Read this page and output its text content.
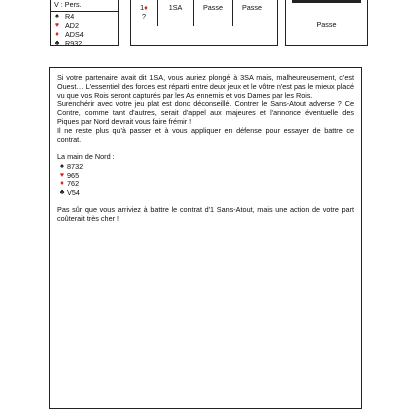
V : Pers.
♠ R4
♥ AD2
♦ ADS4
♣ R932
1♦	1SA	Passe	Passe
?
Passe

Si votre partenaire avait dit 1SA, vous auriez plongé à 3SA mais, malheureusement, c'est Ouest… L'essentiel des forces est réparti entre deux jeux et le vôtre n'est pas le mieux placé vu que vos Rois seront capturés par les As ennemis et vos Dames par les Rois.

Surenchérir avec votre jeu plat est donc déconseillé. Contrer le Sans-Atout adverse ? Ce Contre, comme tant d'autres, serait d'appel aux majeures et l'annonce éventuelle des Piques par Nord devrait vous faire frémir !

Il ne reste plus qu'à passer et à vous appliquer en défense pour essayer de battre ce contrat.

La main de Nord :

♠ 8732
♥ 965
♦ 762
♣ V54

Pas sûr que vous arriviez à battre le contrat d'1 Sans-Atout, mais une action de votre part coûterait très cher !
